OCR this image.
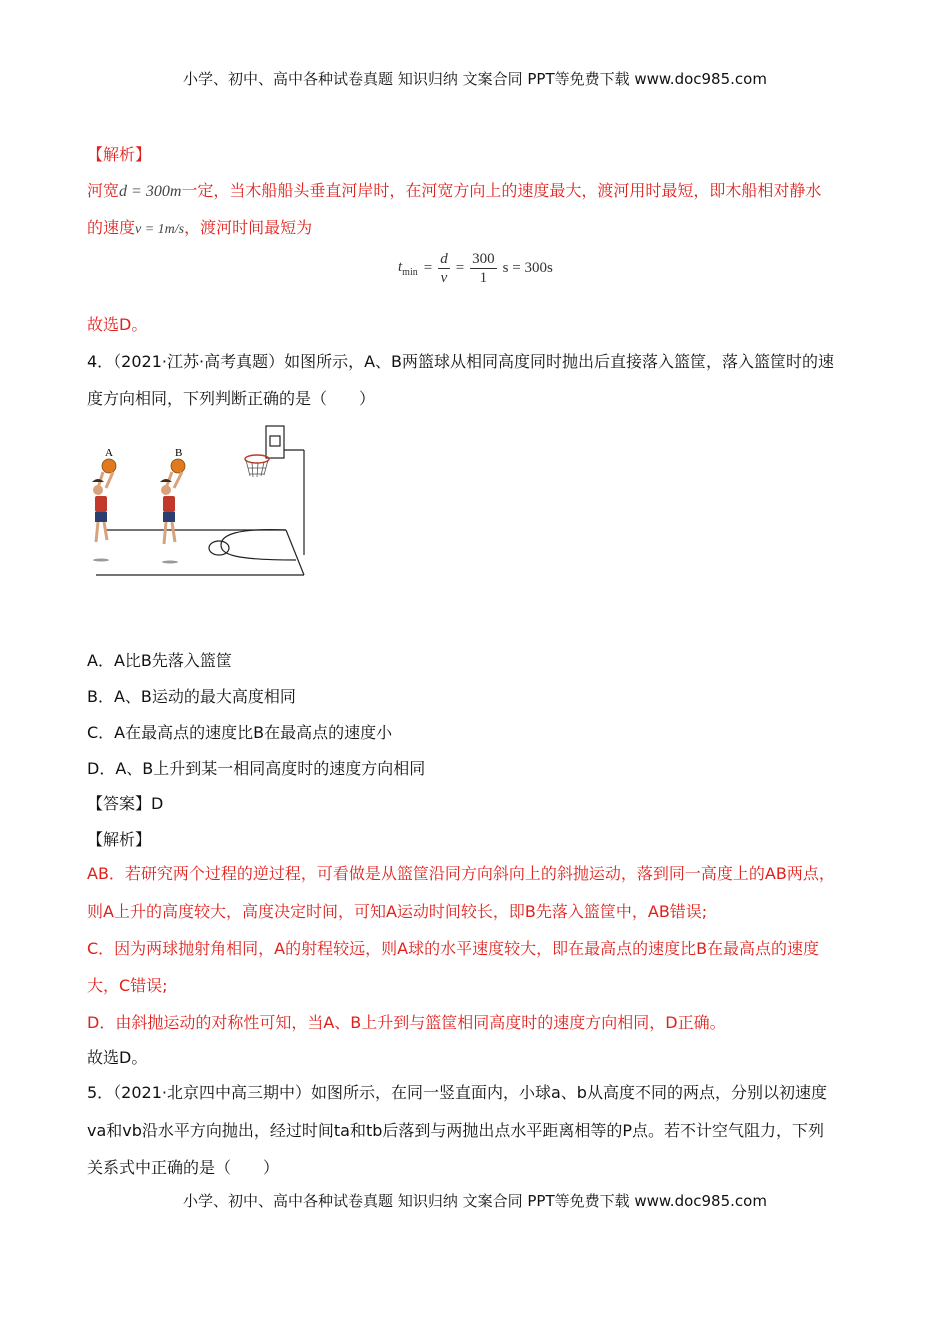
小学、初中、高中各种试卷真题 知识归纳 文案合同 PPT等免费下载 www.doc985.com
【解析】
河宽d = 300m一定，当木船船头垂直河岸时，在河宽方向上的速度最大，渡河用时最短，即木船相对静水
的速度v = 1m/s，渡河时间最短为
$t_{min} = \frac{d}{v} = \frac{300}{1}$ s = 300s
故选D。
4．（2021·江苏·高考真题）如图所示，A、B两篮球从相同高度同时抛出后直接落入篮筐，落入篮筐时的速
度方向相同，下列判断正确的是（　　）
A	B
A．A比B先落入篮筐
B．A、B运动的最大高度相同
C．A在最高点的速度比B在最高点的速度小
D．A、B上升到某一相同高度时的速度方向相同
【答案】D
【解析】
AB．若研究两个过程的逆过程，可看做是从篮筐沿同方向斜向上的斜抛运动，落到同一高度上的AB两点，
则A上升的高度较大，高度决定时间，可知A运动时间较长，即B先落入篮筐中，AB错误;
C．因为两球抛射角相同，A的射程较远，则A球的水平速度较大，即在最高点的速度比B在最高点的速度
大，C错误;
D．由斜抛运动的对称性可知，当A、B上升到与篮筐相同高度时的速度方向相同，D正确。
故选D。
5．（2021·北京四中高三期中）如图所示，在同一竖直面内，小球a、b从高度不同的两点，分别以初速度
va和vb沿水平方向抛出，经过时间ta和tb后落到与两抛出点水平距离相等的P点。若不计空气阻力，下列
关系式中正确的是（　　）
小学、初中、高中各种试卷真题 知识归纳 文案合同 PPT等免费下载 www.doc985.com
